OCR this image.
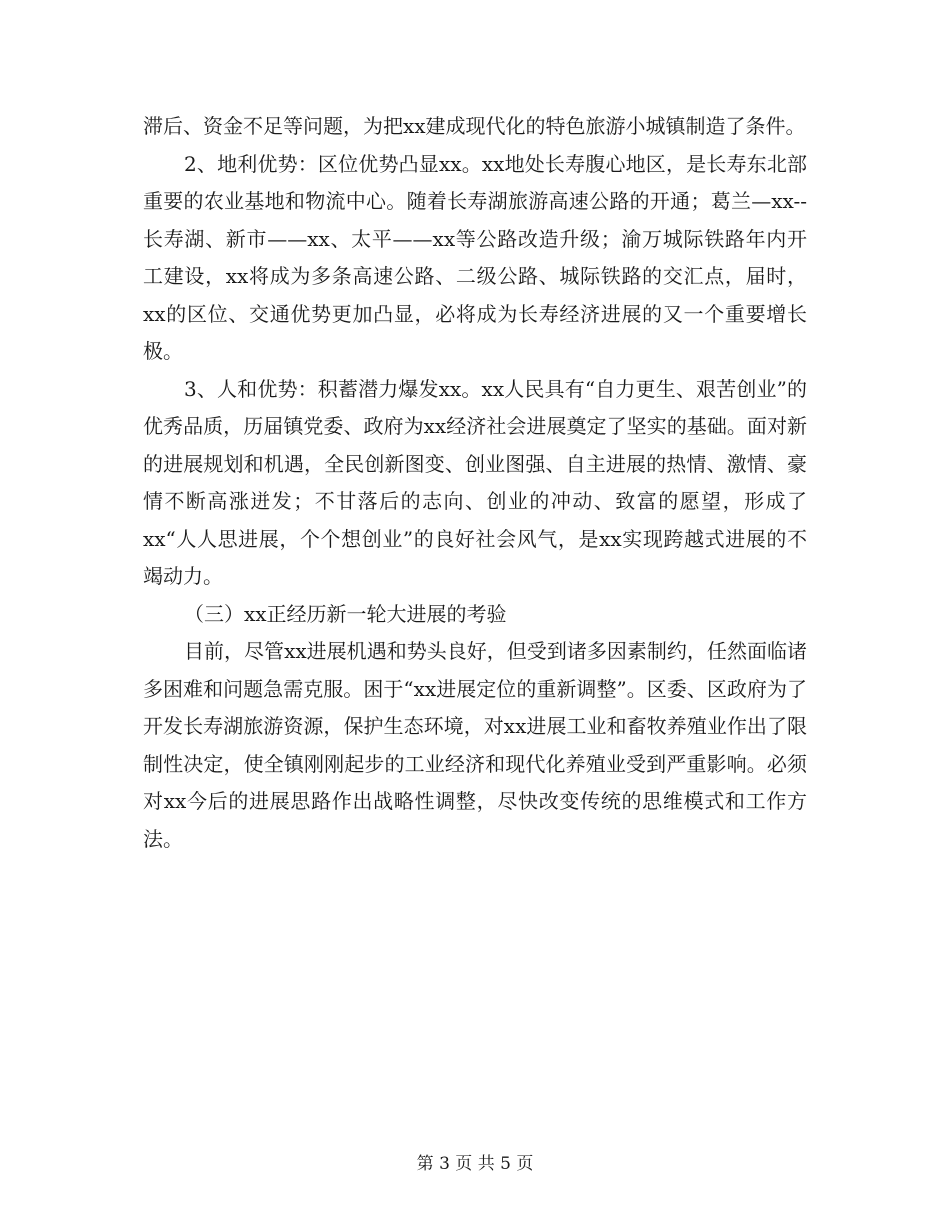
滞后、资金不足等问题，为把xx建成现代化的特色旅游小城镇制造了条件。

2、地利优势：区位优势凸显xx。xx地处长寿腹心地区，是长寿东北部重要的农业基地和物流中心。随着长寿湖旅游高速公路的开通；葛兰—xx--长寿湖、新市——xx、太平——xx等公路改造升级；渝万城际铁路年内开工建设，xx将成为多条高速公路、二级公路、城际铁路的交汇点，届时，xx的区位、交通优势更加凸显，必将成为长寿经济进展的又一个重要增长极。

3、人和优势：积蓄潜力爆发xx。xx人民具有“自力更生、艰苦创业”的优秀品质，历届镇党委、政府为xx经济社会进展奠定了坚实的基础。面对新的进展规划和机遇，全民创新图变、创业图强、自主进展的热情、激情、豪情不断高涨迸发；不甘落后的志向、创业的冲动、致富的愿望，形成了xx“人人思进展，个个想创业”的良好社会风气，是xx实现跨越式进展的不竭动力。

（三）xx正经历新一轮大进展的考验

目前，尽管xx进展机遇和势头良好，但受到诸多因素制约，任然面临诸多困难和问题急需克服。困于“xx进展定位的重新调整”。区委、区政府为了开发长寿湖旅游资源，保护生态环境，对xx进展工业和畜牧养殖业作出了限制性决定，使全镇刚刚起步的工业经济和现代化养殖业受到严重影响。必须对xx今后的进展思路作出战略性调整，尽快改变传统的思维模式和工作方法。

第 3 页 共 5 页
